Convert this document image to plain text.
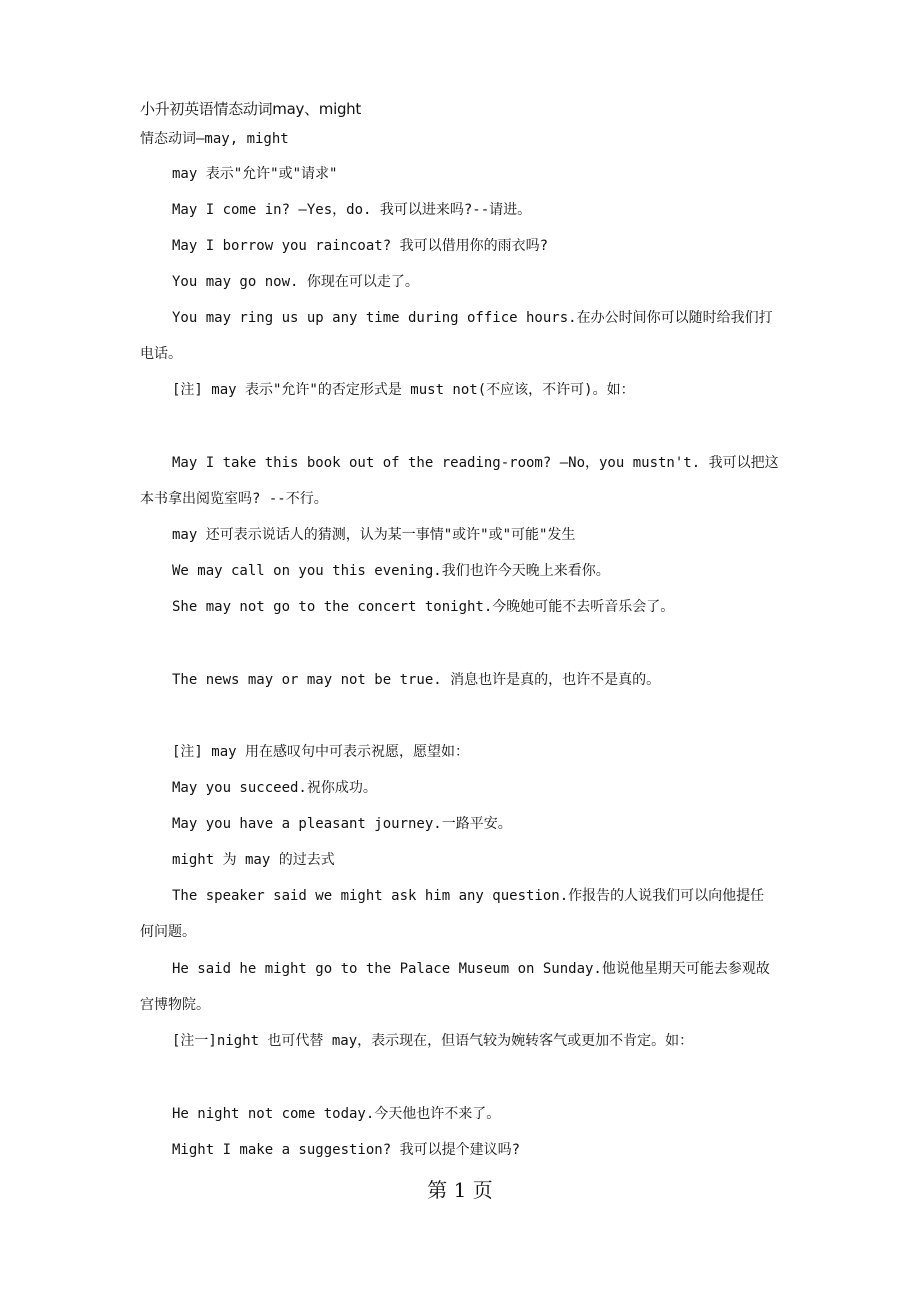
小升初英语情态动词may、might
情态动词—may, might
may 表示"允许"或"请求"
May I come in? —Yes，do. 我可以进来吗?--请进。
May I borrow you raincoat? 我可以借用你的雨衣吗?
You may go now. 你现在可以走了。
You may ring us up any time during office hours.在办公时间你可以随时给我们打
电话。
[注] may 表示"允许"的否定形式是 must not(不应该，不许可)。如：
May I take this book out of the reading-room? —No，you mustn't. 我可以把这
本书拿出阅览室吗? --不行。
may 还可表示说话人的猜测，认为某一事情"或许"或"可能"发生
We may call on you this evening.我们也许今天晚上来看你。
She may not go to the concert tonight.今晚她可能不去听音乐会了。
The news may or may not be true. 消息也许是真的，也许不是真的。
[注] may 用在感叹句中可表示祝愿，愿望如：
May you succeed.祝你成功。
May you have a pleasant journey.一路平安。
might 为 may 的过去式
The speaker said we might ask him any question.作报告的人说我们可以向他提任
何问题。
He said he might go to the Palace Museum on Sunday.他说他星期天可能去参观故
宫博物院。
[注一]night 也可代替 may，表示现在，但语气较为婉转客气或更加不肯定。如：
He night not come today.今天他也许不来了。
Might I make a suggestion? 我可以提个建议吗?
第 1 页
